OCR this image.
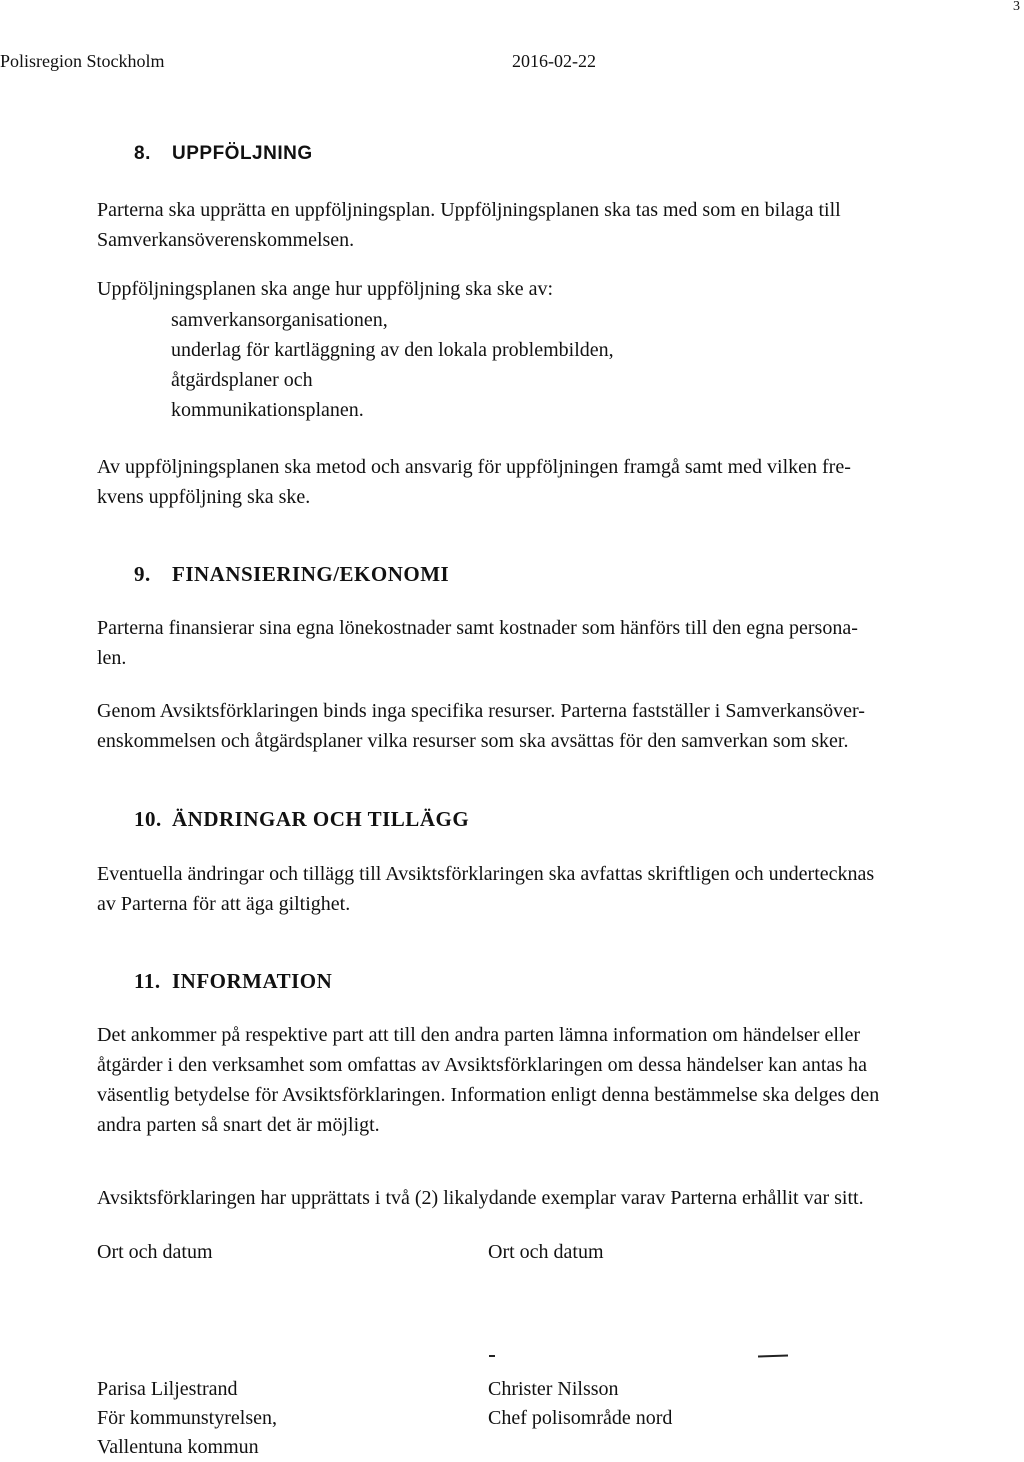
3
Polisregion Stockholm	2016-02-22
8.	UPPFÖLJNING
Parterna ska upprätta en uppföljningsplan. Uppföljningsplanen ska tas med som en bilaga till
Samverkansöverenskommelsen.
Uppföljningsplanen ska ange hur uppföljning ska ske av:
samverkansorganisationen,
underlag för kartläggning av den lokala problembilden,
åtgärdsplaner och
kommunikationsplanen.
Av uppföljningsplanen ska metod och ansvarig för uppföljningen framgå samt med vilken fre-
kvens uppföljning ska ske.
9.	FINANSIERING/EKONOMI
Parterna finansierar sina egna lönekostnader samt kostnader som hänförs till den egna persona-
len.
Genom Avsiktsförklaringen binds inga specifika resurser. Parterna fastställer i Samverkansöver-
enskommelsen och åtgärdsplaner vilka resurser som ska avsättas för den samverkan som sker.
10. ÄNDRINGAR OCH TILLÄGG
Eventuella ändringar och tillägg till Avsiktsförklaringen ska avfattas skriftligen och undertecknas
av Parterna för att äga giltighet.
11. INFORMATION
Det ankommer på respektive part att till den andra parten lämna information om händelser eller
åtgärder i den verksamhet som omfattas av Avsiktsförklaringen om dessa händelser kan antas ha
väsentlig betydelse för Avsiktsförklaringen. Information enligt denna bestämmelse ska delges den
andra parten så snart det är möjligt.
Avsiktsförklaringen har upprättats i två (2) likalydande exemplar varav Parterna erhållit var sitt.
Ort och datum	Ort och datum
Parisa Liljestrand
För kommunstyrelsen,
Vallentuna kommun
Christer Nilsson
Chef polisområde nord
